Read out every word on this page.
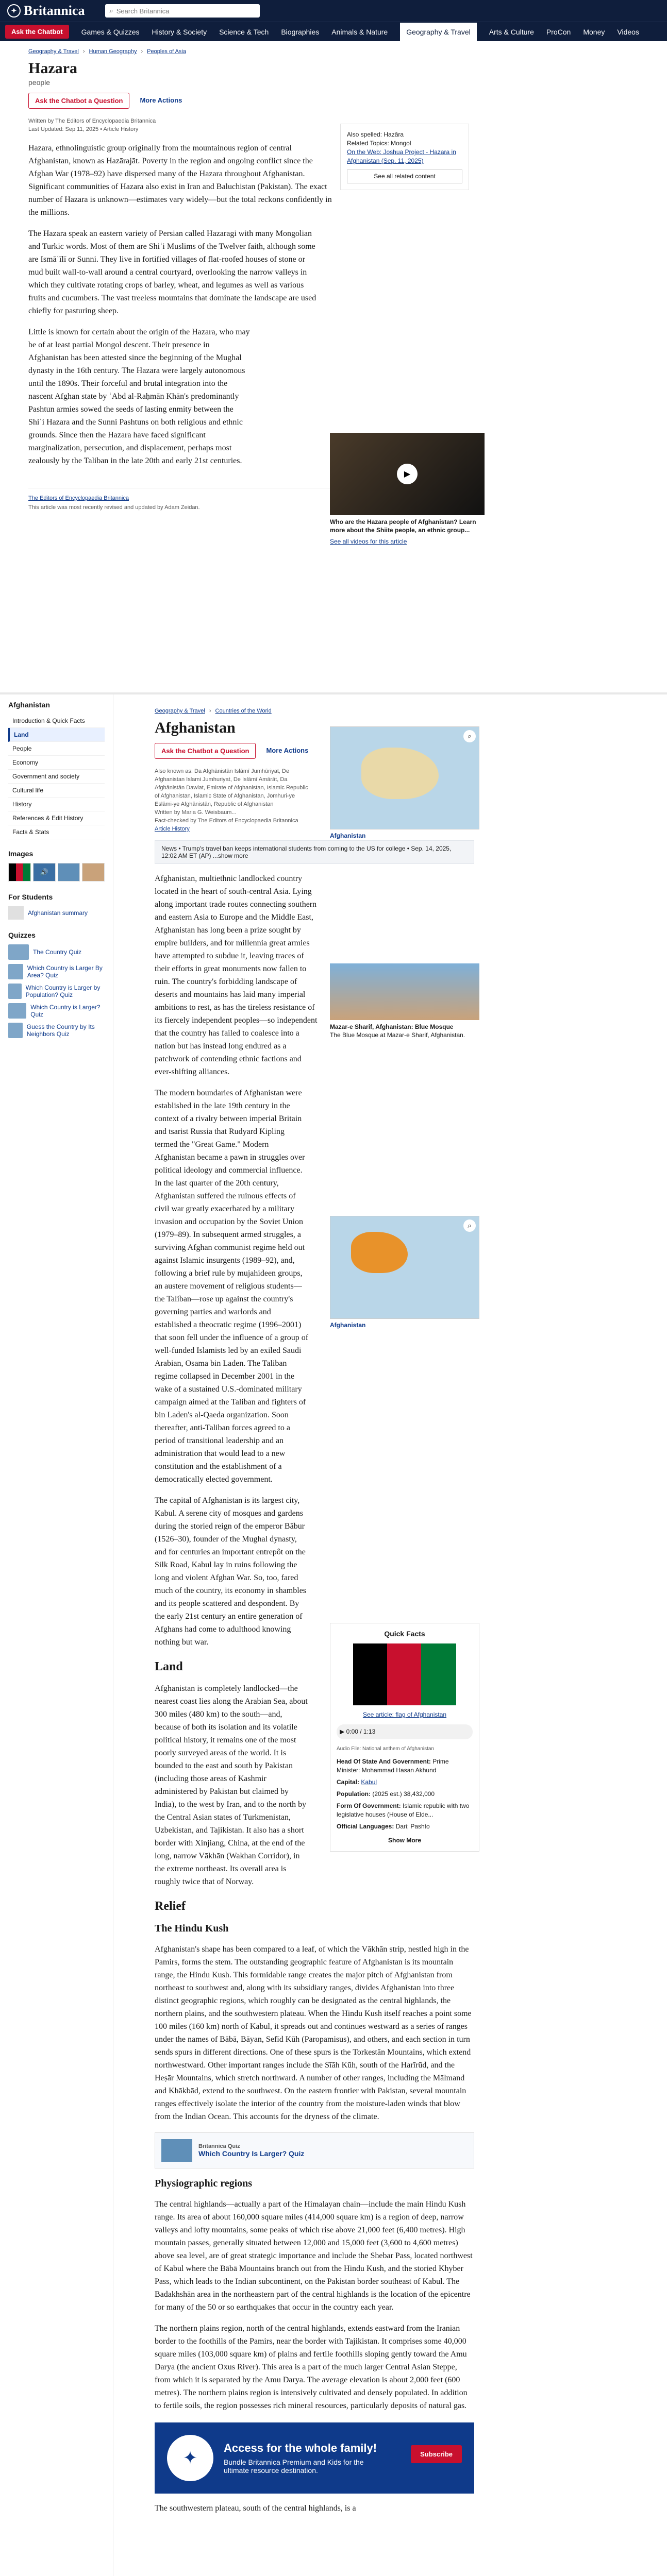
✦ Britannica	⌕ Search Britannica
Ask the Chatbot	Games & Quizzes History & Society Science & Tech Biographies Animals & Nature	Geography & Travel	Arts & Culture ProCon Money Videos
Geography & Travel › Human Geography › Peoples of Asia
Hazara
people
Ask the Chatbot a Question	More Actions
Written by The Editors of Encyclopaedia Britannica
Last Updated: Sep 11, 2025 • Article History

Hazara, ethnolinguistic group originally from the mountainous region of central Afghanistan, known as Hazārajāt. Poverty in the region and ongoing conflict since the Afghan War (1978–92) have dispersed many of the Hazara throughout Afghanistan. Significant communities of Hazara also exist in Iran and Baluchistan (Pakistan). The exact number of Hazara is unknown—estimates vary widely—but the total reckons confidently in the millions.

The Hazara speak an eastern variety of Persian called Hazaragi with many Mongolian and Turkic words. Most of them are Shiʿi Muslims of the Twelver faith, although some are Ismāʿīlī or Sunni. They live in fortified villages of flat-roofed houses of stone or mud built wall-to-wall around a central courtyard, overlooking the narrow valleys in which they cultivate rotating crops of barley, wheat, and legumes as well as various fruits and cucumbers. The vast treeless mountains that dominate the landscape are used chiefly for pasturing sheep.

Little is known for certain about the origin of the Hazara, who may be of at least partial Mongol descent. Their presence in Afghanistan has been attested since the beginning of the Mughal dynasty in the 16th century. The Hazara were largely autonomous until the 1890s. Their forceful and brutal integration into the nascent Afghan state by ʿAbd al-Raḥmān Khān's predominantly Pashtun armies sowed the seeds of lasting enmity between the Shiʿi Hazara and the Sunni Pashtuns on both religious and ethnic grounds. Since then the Hazara have faced significant marginalization, persecution, and displacement, perhaps most zealously by the Taliban in the late 20th and early 21st centuries.

The Editors of Encyclopaedia Britannica
This article was most recently revised and updated by Adam Zeidan.
Also spelled: Hazāra
Related Topics: Mongol
On the Web: Joshua Project - Hazara in Afghanistan (Sep. 11, 2025)
See all related content
▶
Who are the Hazara people of Afghanistan? Learn more about the Shiite people, an ethnic group...
See all videos for this article
Afghanistan
Introduction & Quick Facts
Land
People
Economy
Government and society
Cultural life
History
References & Edit History
Facts & Stats
Images
🔊
For Students
Afghanistan summary
Quizzes
The Country Quiz
Which Country is Larger By Area? Quiz
Which Country is Larger by Population? Quiz
Which Country is Larger? Quiz
Guess the Country by Its Neighbors Quiz
Geography & Travel › Countries of the World
Afghanistan
Ask the Chatbot a Question	More Actions
Also known as: Da Afghānistān Islāmī Jumhūriyat, De Afghanistan Islami Jumhuriyat, De Islāmī Amārāt, Da Afghānistān Dawlat, Emirate of Afghanistan, Islamic Republic of Afghanistan, Islamic State of Afghanistan, Jomhuri-ye Eslāmi-ye Afghānistān, Republic of Afghanistan
Written by Maria G. Weisbaum...
Fact-checked by The Editors of Encyclopaedia Britannica
Article History
News • Trump's travel ban keeps international students from coming to the US for college • Sep. 14, 2025, 12:02 AM ET (AP) ...show more

Afghanistan, multiethnic landlocked country located in the heart of south-central Asia. Lying along important trade routes connecting southern and eastern Asia to Europe and the Middle East, Afghanistan has long been a prize sought by empire builders, and for millennia great armies have attempted to subdue it, leaving traces of their efforts in great monuments now fallen to ruin. The country's forbidding landscape of deserts and mountains has laid many imperial ambitions to rest, as has the tireless resistance of its fiercely independent peoples—so independent that the country has failed to coalesce into a nation but has instead long endured as a patchwork of contending ethnic factions and ever-shifting alliances.

The modern boundaries of Afghanistan were established in the late 19th century in the context of a rivalry between imperial Britain and tsarist Russia that Rudyard Kipling termed the "Great Game." Modern Afghanistan became a pawn in struggles over political ideology and commercial influence. In the last quarter of the 20th century, Afghanistan suffered the ruinous effects of civil war greatly exacerbated by a military invasion and occupation by the Soviet Union (1979–89). In subsequent armed struggles, a surviving Afghan communist regime held out against Islamic insurgents (1989–92), and, following a brief rule by mujahideen groups, an austere movement of religious students—the Taliban—rose up against the country's governing parties and warlords and established a theocratic regime (1996–2001) that soon fell under the influence of a group of well-funded Islamists led by an exiled Saudi Arabian, Osama bin Laden. The Taliban regime collapsed in December 2001 in the wake of a sustained U.S.-dominated military campaign aimed at the Taliban and fighters of bin Laden's al-Qaeda organization. Soon thereafter, anti-Taliban forces agreed to a period of transitional leadership and an administration that would lead to a new constitution and the establishment of a democratically elected government.

The capital of Afghanistan is its largest city, Kabul. A serene city of mosques and gardens during the storied reign of the emperor Bābur (1526–30), founder of the Mughal dynasty, and for centuries an important entrepôt on the Silk Road, Kabul lay in ruins following the long and violent Afghan War. So, too, fared much of the country, its economy in shambles and its people scattered and despondent. By the early 21st century an entire generation of Afghans had come to adulthood knowing nothing but war.

Land

Afghanistan is completely landlocked—the nearest coast lies along the Arabian Sea, about 300 miles (480 km) to the south—and, because of both its isolation and its volatile political history, it remains one of the most poorly surveyed areas of the world. It is bounded to the east and south by Pakistan (including those areas of Kashmir administered by Pakistan but claimed by India), to the west by Iran, and to the north by the Central Asian states of Turkmenistan, Uzbekistan, and Tajikistan. It also has a short border with Xinjiang, China, at the end of the long, narrow Vākhān (Wakhan Corridor), in the extreme northeast. Its overall area is roughly twice that of Norway.

Relief
The Hindu Kush

Afghanistan's shape has been compared to a leaf, of which the Vākhān strip, nestled high in the Pamirs, forms the stem. The outstanding geographic feature of Afghanistan is its mountain range, the Hindu Kush. This formidable range creates the major pitch of Afghanistan from northeast to southwest and, along with its subsidiary ranges, divides Afghanistan into three distinct geographic regions, which roughly can be designated as the central highlands, the northern plains, and the southwestern plateau. When the Hindu Kush itself reaches a point some 100 miles (160 km) north of Kabul, it spreads out and continues westward as a series of ranges under the names of Bābā, Bāyan, Sefīd Kūh (Paropamisus), and others, and each section in turn sends spurs in different directions. One of these spurs is the Torkestān Mountains, which extend northwestward. Other important ranges include the Sīāh Kūh, south of the Harīrūd, and the Heṣār Mountains, which stretch northward. A number of other ranges, including the Mālmand and Khākbād, extend to the southwest. On the eastern frontier with Pakistan, several mountain ranges effectively isolate the interior of the country from the moisture-laden winds that blow from the Indian Ocean. This accounts for the dryness of the climate.

Britannica Quiz
Which Country Is Larger? Quiz
Physiographic regions

The central highlands—actually a part of the Himalayan chain—include the main Hindu Kush range. Its area of about 160,000 square miles (414,000 square km) is a region of deep, narrow valleys and lofty mountains, some peaks of which rise above 21,000 feet (6,400 metres). High mountain passes, generally situated between 12,000 and 15,000 feet (3,600 to 4,600 metres) above sea level, are of great strategic importance and include the Shebar Pass, located northwest of Kabul where the Bābā Mountains branch out from the Hindu Kush, and the storied Khyber Pass, which leads to the Indian subcontinent, on the Pakistan border southeast of Kabul. The Badakhshān area in the northeastern part of the central highlands is the location of the epicentre for many of the 50 or so earthquakes that occur in the country each year.

The northern plains region, north of the central highlands, extends eastward from the Iranian border to the foothills of the Pamirs, near the border with Tajikistan. It comprises some 40,000 square miles (103,000 square km) of plains and fertile foothills sloping gently toward the Amu Darya (the ancient Oxus River). This area is a part of the much larger Central Asian Steppe, from which it is separated by the Amu Darya. The average elevation is about 2,000 feet (600 metres). The northern plains region is intensively cultivated and densely populated. In addition to fertile soils, the region possesses rich mineral resources, particularly deposits of natural gas.

✦
Access for the whole family!
Bundle Britannica Premium and Kids for the ultimate resource destination.
Subscribe

The southwestern plateau, south of the central highlands, is a

⌕
Afghanistan
Mazar-e Sharif, Afghanistan: Blue Mosque
The Blue Mosque at Mazar-e Sharif, Afghanistan.
⌕
Afghanistan
Quick Facts
See article: flag of Afghanistan
▶ 0:00 / 1:13
Audio File: National anthem of Afghanistan
Head Of State And Government: Prime Minister: Mohammad Hasan Akhund
Capital: Kabul
Population: (2025 est.) 38,432,000
Form Of Government: Islamic republic with two legislative houses (House of Elde...
Official Languages: Dari; Pashto
Show More
